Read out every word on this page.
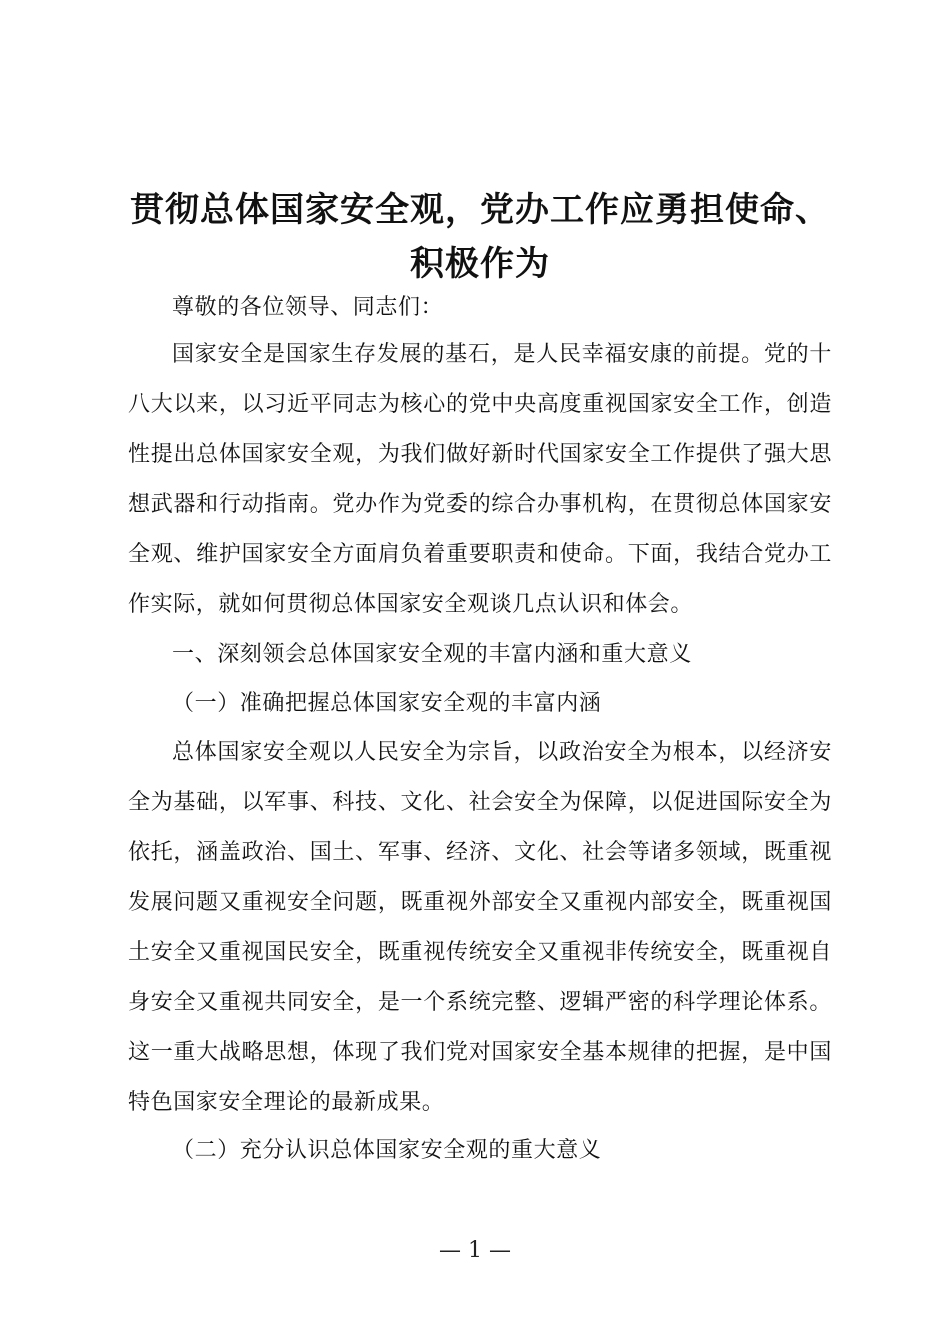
贯彻总体国家安全观，党办工作应勇担使命、
积极作为

尊敬的各位领导、同志们：

国家安全是国家生存发展的基石，是人民幸福安康的前提。党的十八大以来，以习近平同志为核心的党中央高度重视国家安全工作，创造性提出总体国家安全观，为我们做好新时代国家安全工作提供了强大思想武器和行动指南。党办作为党委的综合办事机构，在贯彻总体国家安全观、维护国家安全方面肩负着重要职责和使命。下面，我结合党办工作实际，就如何贯彻总体国家安全观谈几点认识和体会。

一、深刻领会总体国家安全观的丰富内涵和重大意义

（一）准确把握总体国家安全观的丰富内涵

总体国家安全观以人民安全为宗旨，以政治安全为根本，以经济安全为基础，以军事、科技、文化、社会安全为保障，以促进国际安全为依托，涵盖政治、国土、军事、经济、文化、社会等诸多领域，既重视发展问题又重视安全问题，既重视外部安全又重视内部安全，既重视国土安全又重视国民安全，既重视传统安全又重视非传统安全，既重视自身安全又重视共同安全，是一个系统完整、逻辑严密的科学理论体系。这一重大战略思想，体现了我们党对国家安全基本规律的把握，是中国特色国家安全理论的最新成果。

（二）充分认识总体国家安全观的重大意义

— 1 —
